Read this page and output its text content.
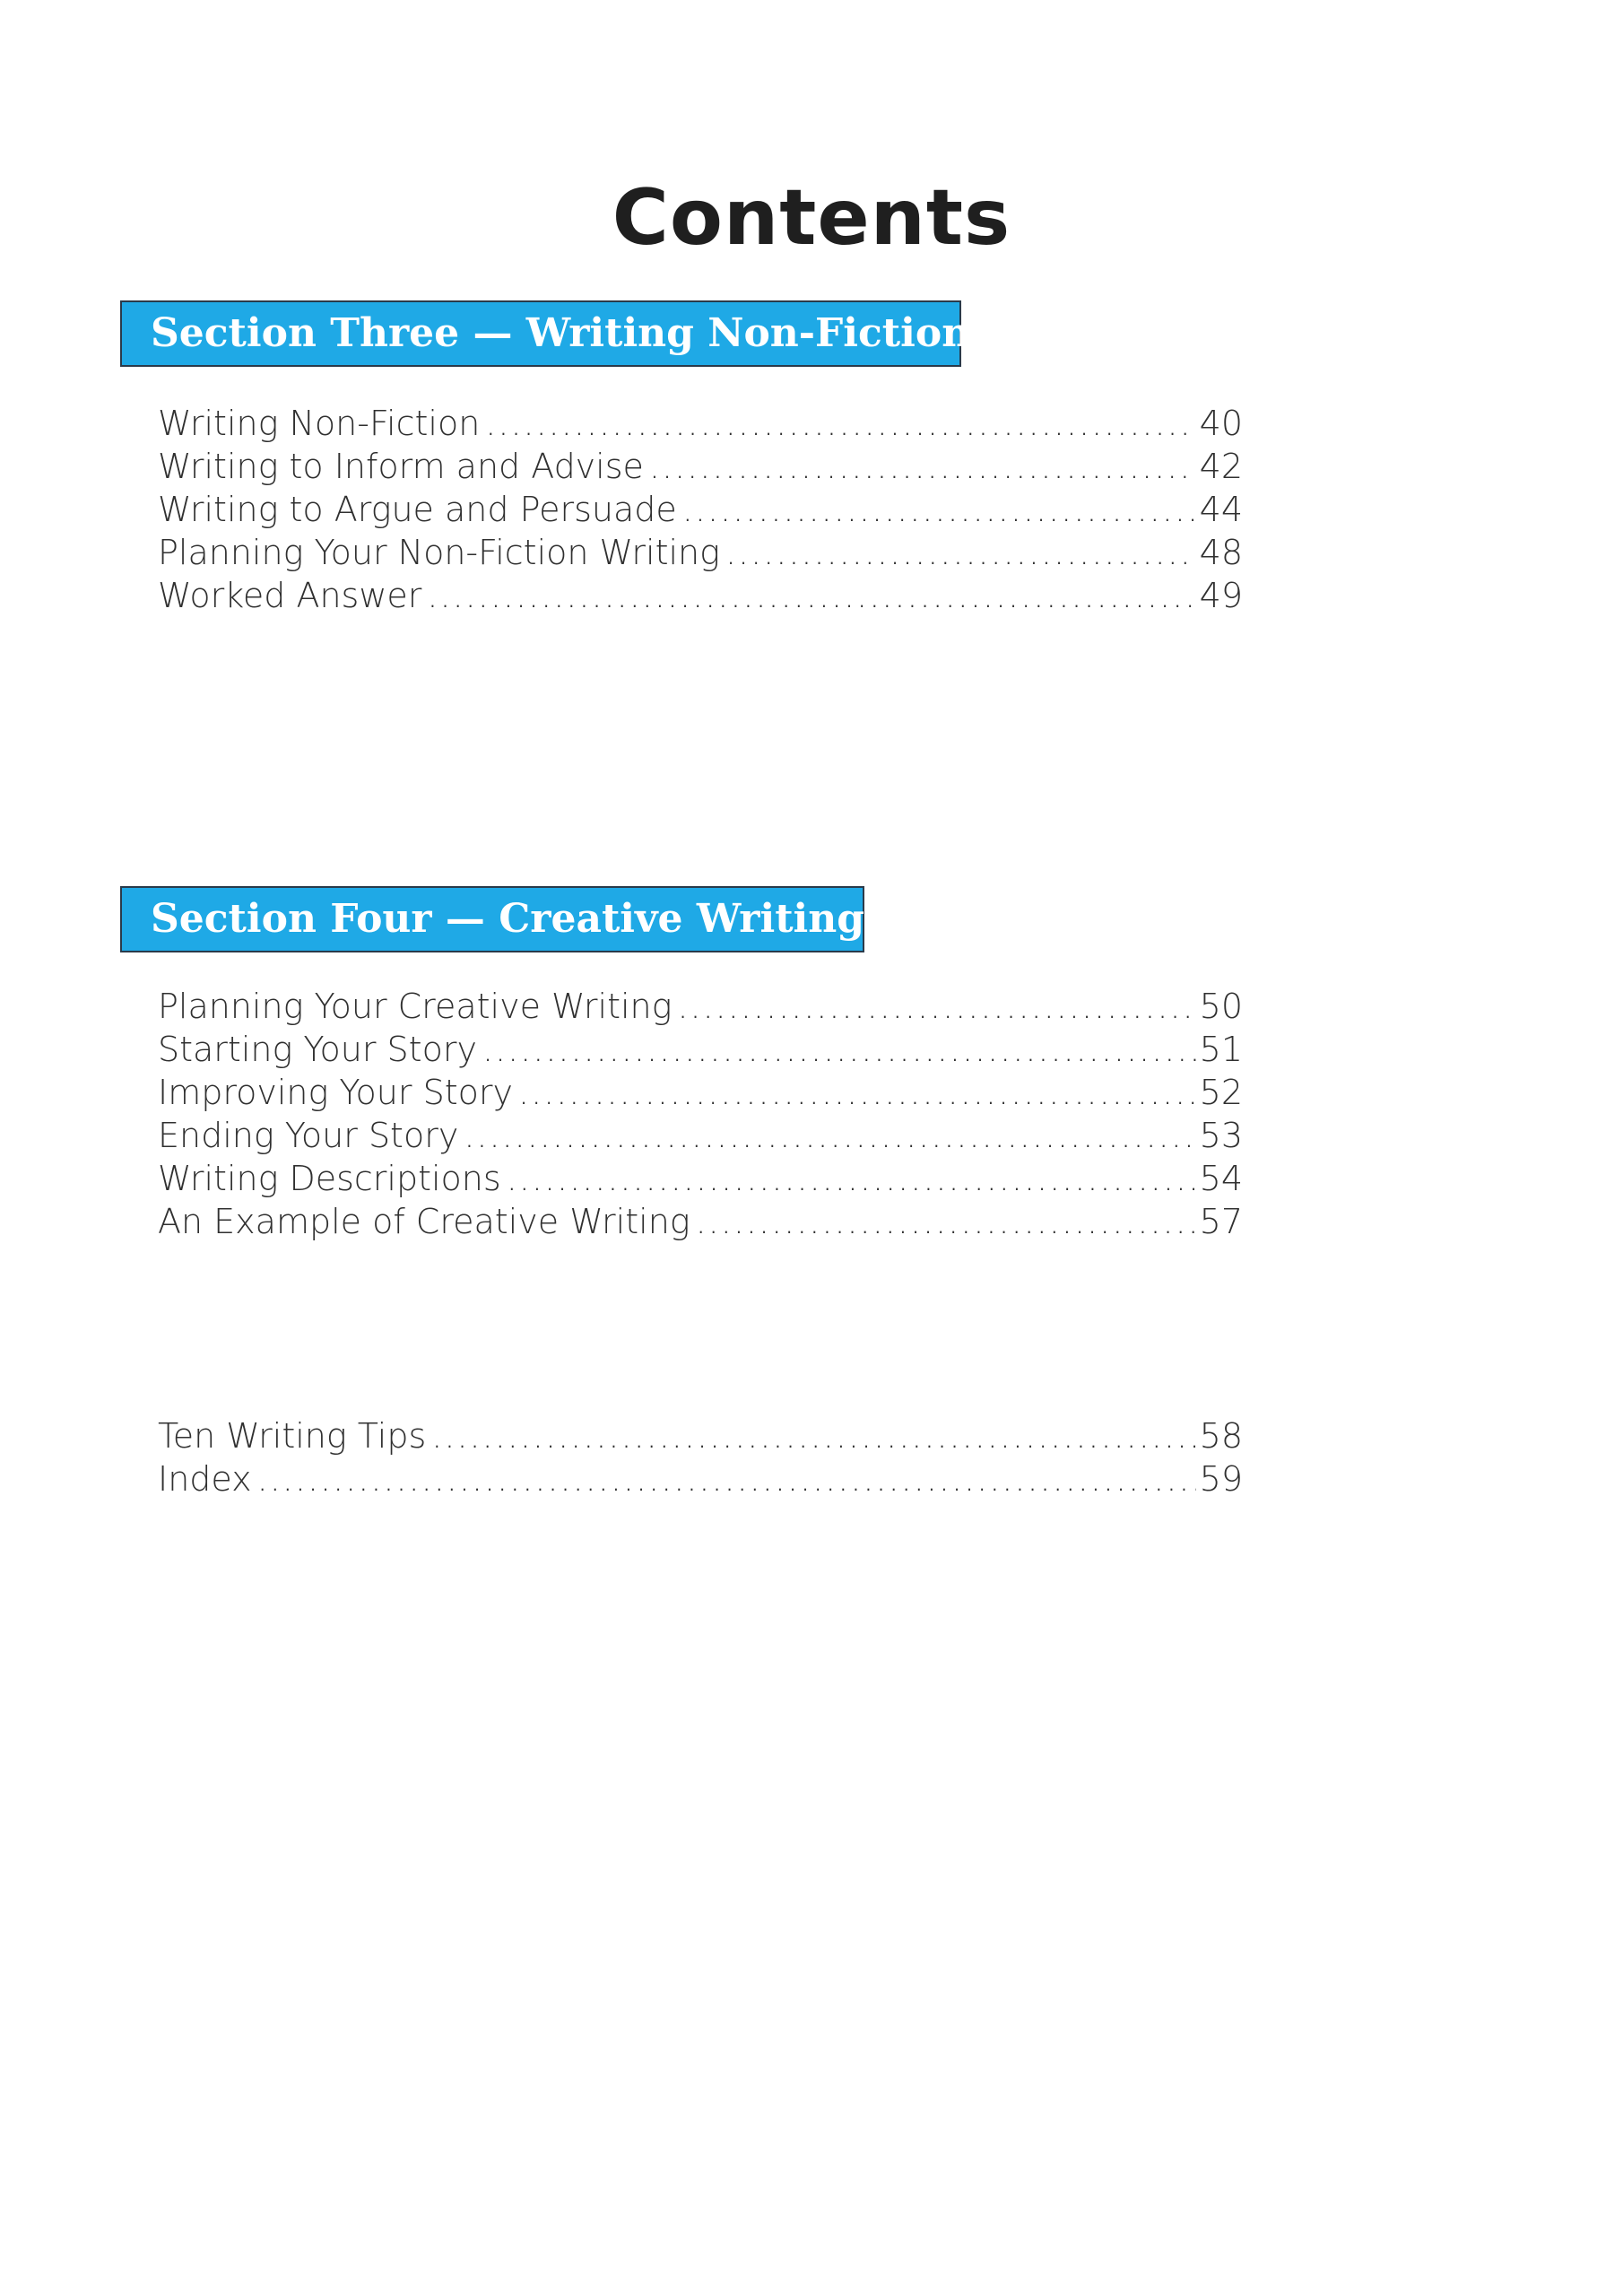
Contents
Section Three — Writing Non-Fiction
Writing Non-Fiction .....	40
Writing to Inform and Advise .....	42
Writing to Argue and Persuade .....	44
Planning Your Non-Fiction Writing .....	48
Worked Answer .....	49
Section Four — Creative Writing
Planning Your Creative Writing .....	50
Starting Your Story .....	51
Improving Your Story .....	52
Ending Your Story .....	53
Writing Descriptions .....	54
An Example of Creative Writing .....	57
Ten Writing Tips .....	58
Index .....	59
